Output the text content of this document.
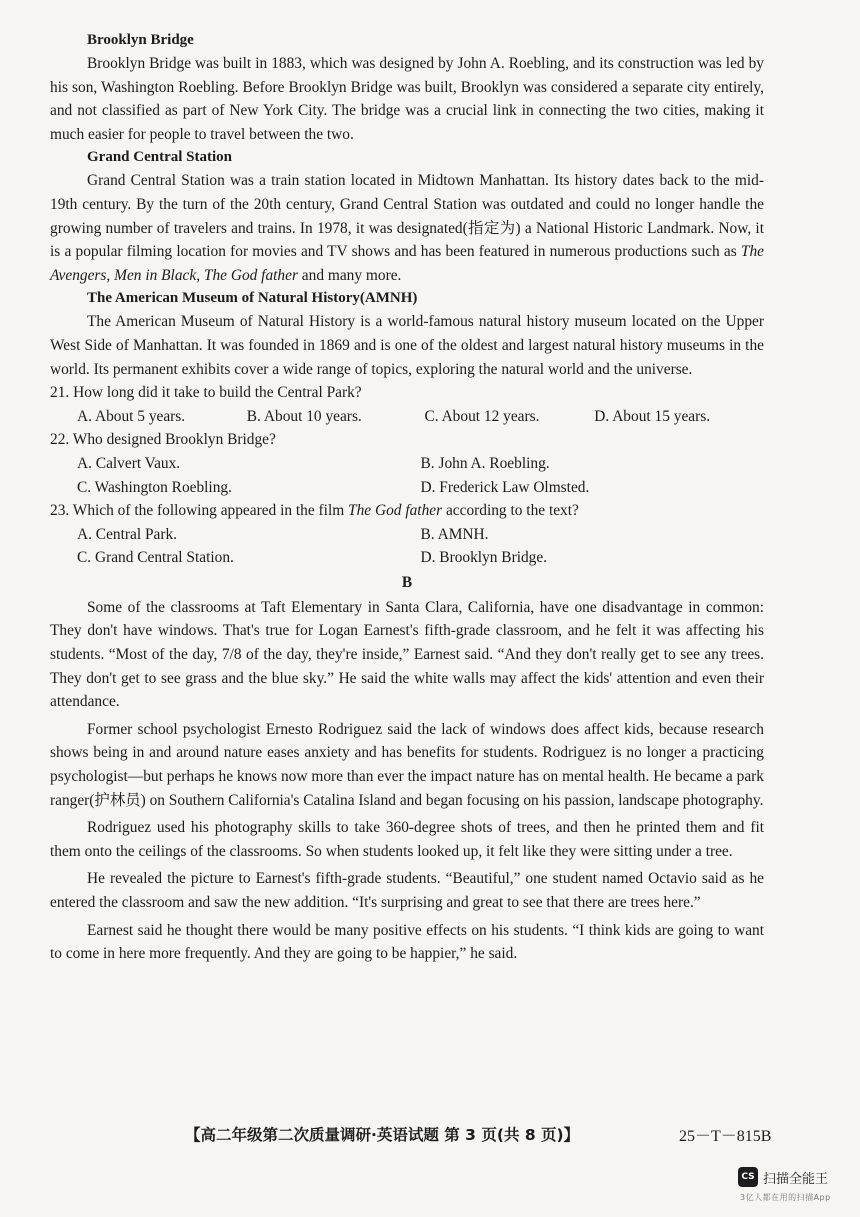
Brooklyn Bridge

Brooklyn Bridge was built in 1883, which was designed by John A. Roebling, and its construction was led by his son, Washington Roebling. Before Brooklyn Bridge was built, Brooklyn was considered a separate city entirely, and not classified as part of New York City. The bridge was a crucial link in connecting the two cities, making it much easier for people to travel between the two.

Grand Central Station

Grand Central Station was a train station located in Midtown Manhattan. Its history dates back to the mid-19th century. By the turn of the 20th century, Grand Central Station was outdated and could no longer handle the growing number of travelers and trains. In 1978, it was designated(指定为) a National Historic Landmark. Now, it is a popular filming location for movies and TV shows and has been featured in numerous productions such as The Avengers, Men in Black, The God father and many more.

The American Museum of Natural History(AMNH)

The American Museum of Natural History is a world-famous natural history museum located on the Upper West Side of Manhattan. It was founded in 1869 and is one of the oldest and largest natural history museums in the world. Its permanent exhibits cover a wide range of topics, exploring the natural world and the universe.

21. How long did it take to build the Central Park?

A. About 5 years.	B. About 10 years.	C. About 12 years.	D. About 15 years.

22. Who designed Brooklyn Bridge?

A. Calvert Vaux.	B. John A. Roebling.
C. Washington Roebling.	D. Frederick Law Olmsted.

23. Which of the following appeared in the film The God father according to the text?

A. Central Park.	B. AMNH.
C. Grand Central Station.	D. Brooklyn Bridge.

B

Some of the classrooms at Taft Elementary in Santa Clara, California, have one disadvantage in common: They don't have windows. That's true for Logan Earnest's fifth-grade classroom, and he felt it was affecting his students. “Most of the day, 7/8 of the day, they're inside,” Earnest said. “And they don't really get to see any trees. They don't get to see grass and the blue sky.” He said the white walls may affect the kids' attention and even their attendance.

Former school psychologist Ernesto Rodriguez said the lack of windows does affect kids, because research shows being in and around nature eases anxiety and has benefits for students. Rodriguez is no longer a practicing psychologist—but perhaps he knows now more than ever the impact nature has on mental health. He became a park ranger(护林员) on Southern California's Catalina Island and began focusing on his passion, landscape photography.

Rodriguez used his photography skills to take 360-degree shots of trees, and then he printed them and fit them onto the ceilings of the classrooms. So when students looked up, it felt like they were sitting under a tree.

He revealed the picture to Earnest's fifth-grade students. “Beautiful,” one student named Octavio said as he entered the classroom and saw the new addition. “It's surprising and great to see that there are trees here.”

Earnest said he thought there would be many positive effects on his students. “I think kids are going to want to come in here more frequently. And they are going to be happier,” he said.

【高二年级第二次质量调研·英语试题 第 3 页(共 8 页)】	25－T－815B
CS 扫描全能王
3亿人都在用的扫描App
